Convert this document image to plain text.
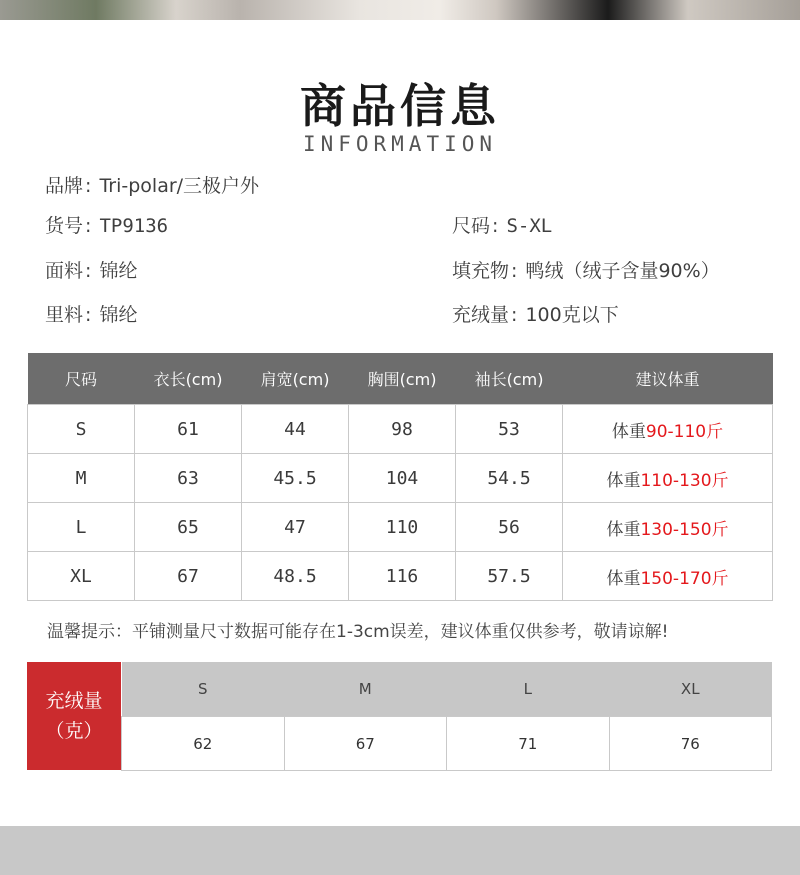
商品信息
INFORMATION
品牌 : Tri-polar/三极户外
货号 : TP9136	尺码 : S-XL
面料 : 锦纶	填充物 : 鸭绒（绒子含量90%）
里料 : 锦纶	充绒量 : 100克以下
尺码	衣长(cm)	肩宽(cm)	胸围(cm)	袖长(cm)	建议体重
S	61	44	98	53	体重90-110斤
M	63	45.5	104	54.5	体重110-130斤
L	65	47	110	56	体重130-150斤
XL	67	48.5	116	57.5	体重150-170斤
温馨提示：平铺测量尺寸数据可能存在1-3cm误差，建议体重仅供参考，敬请谅解!
充绒量
（克）
S	M	L	XL
62	67	71	76
